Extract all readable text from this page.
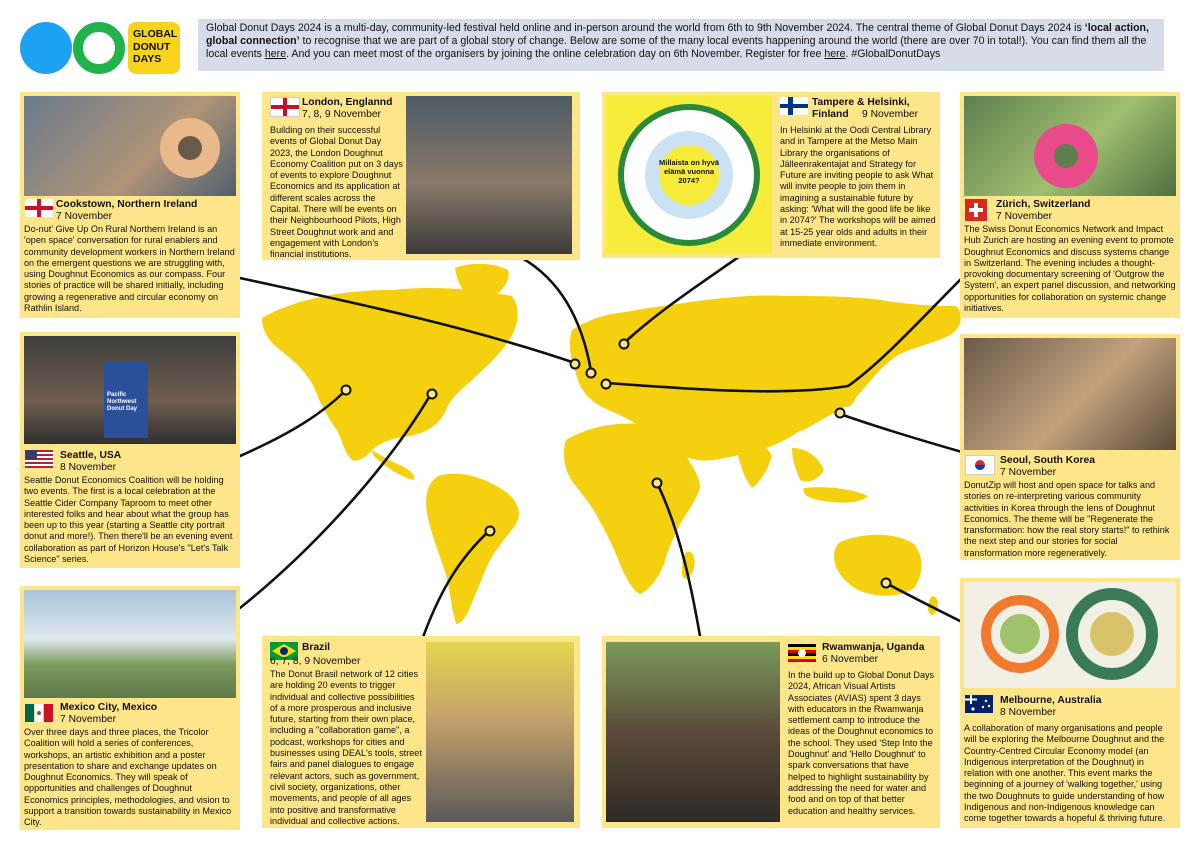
GLOBAL
DONUT
DAYS
Global Donut Days 2024 is a multi-day, community-led festival held online and in-person around the world from 6th to 9th November 2024. The central theme of Global Donut Days 2024 is ‘local action, global connection’ to recognise that we are part of a global story of change. Below are some of the many local events happening around the world (there are over 70 in total!). You can find them all the local events here. And you can meet most of the organisers by joining the online celebration day on 6th November. Register for free here. #GlobalDonutDays
Cookstown, Northern Ireland
7 November
Do-nut’ Give Up On Rural Northern Ireland is an 'open space' conversation for rural enablers and community development workers in Northern Ireland on the emergent questions we are struggling with, using Doughnut Economics as our compass. Four stories of practice will be shared initially, including growing a regenerative and circular economy on Rathlin Island.
London, Englannd
7, 8, 9 November
Building on their successful events of Global Donut Day 2023, the London Doughnut Economy Coalition put on 3 days of events to explore Doughnut Economics and its application at different scales across the Capital. There will be events on their Neighbourhood Pilots, High Street Doughnut work and and engagement with London’s financial institutions.
Millaista on hyvä elämä vuonna 2074?
Tampere & Helsinki, Finland	9 November
In Helsinki at the Oodi Central Library and in Tampere at the Metso Main Library the organisations of Jälleenrakentajat and Strategy for Future are inviting people to ask What will invite people to join them in imagining a sustainable future by asking: 'What will the good life be like in 2074?' The workshops will be aimed at 15-25 year olds and adults in their immediate environment.
Zürich, Switzerland
7 November
The Swiss Donut Economics Network and Impact Hub Zurich are hosting an evening event to promote Doughnut Economics and discuss systems change in Switzerland. The evening includes a thought-provoking documentary screening of 'Outgrow the System', an expert panel discussion, and networking opportunities for collaboration on systemic change initiatives.
Pacific Northwest Donut Day
Seattle, USA
8 November
Seattle Donut Economics Coalition will be holding two events. The first is a local celebration at the Seattle Cider Company Taproom to meet other interested folks and hear about what the group has been up to this year (starting a Seattle city portrait donut and more!). Then there'll be an evening event collaboration as part of Horizon House's "Let's Talk Science" series.
Seoul, South Korea
7 November
DonutZip will host and open space for talks and stories on re-interpreting various community activities in Korea through the lens of Doughnut Economics. The theme will be "Regenerate the transformation: how the real story starts!" to rethink the next step and our stories for social transformation more regeneratively.
Mexico City, Mexico
7 November
Over three days and three places, the Tricolor Coalition will hold a series of conferences, workshops, an artistic exhibition and a poster presentation to share and exchange updates on Doughnut Economics. They will speak of opportunities and challenges of Doughnut Economics principles, methodologies, and vision to support a transition towards sustainability in Mexico City.
Brazil
6, 7, 8, 9 November
The Donut Brasil network of 12 cities are holding 20 events to trigger individual and collective possibilities of a more prosperous and inclusive future, starting from their own place, including a "collaboration game", a podcast, workshops for cities and businesses using DEAL's tools, street fairs and panel dialogues to engage relevant actors, such as government, civil society, organizations, other movements, and people of all ages into positive and transformative individual and collective actions.
Rwamwanja, Uganda
6 November
In the build up to Global Donut Days 2024, African Visual Artists Associates (AVIAS) spent 3 days with educators in the Rwamwanja settlement camp to introduce the ideas of the Doughnut economics to the school. They used 'Step Into the Doughnut' and 'Hello Doughnut' to spark conversations that have helped to highlight sustainability by addressing the need for water and food and on top of that better education and healthy services.
Melbourne, Australia
8 November
A collaboration of many organisations and people will be exploring the Melbourne Doughnut and the Country-Centred Circular Economy model (an Indigenous interpretation of the Doughnut) in relation with one another. This event marks the beginning of a journey of 'walking together,' using the two Doughnuts to guide understanding of how Indigenous and non-Indigenous knowledge can come together towards a hopeful & thriving future.
